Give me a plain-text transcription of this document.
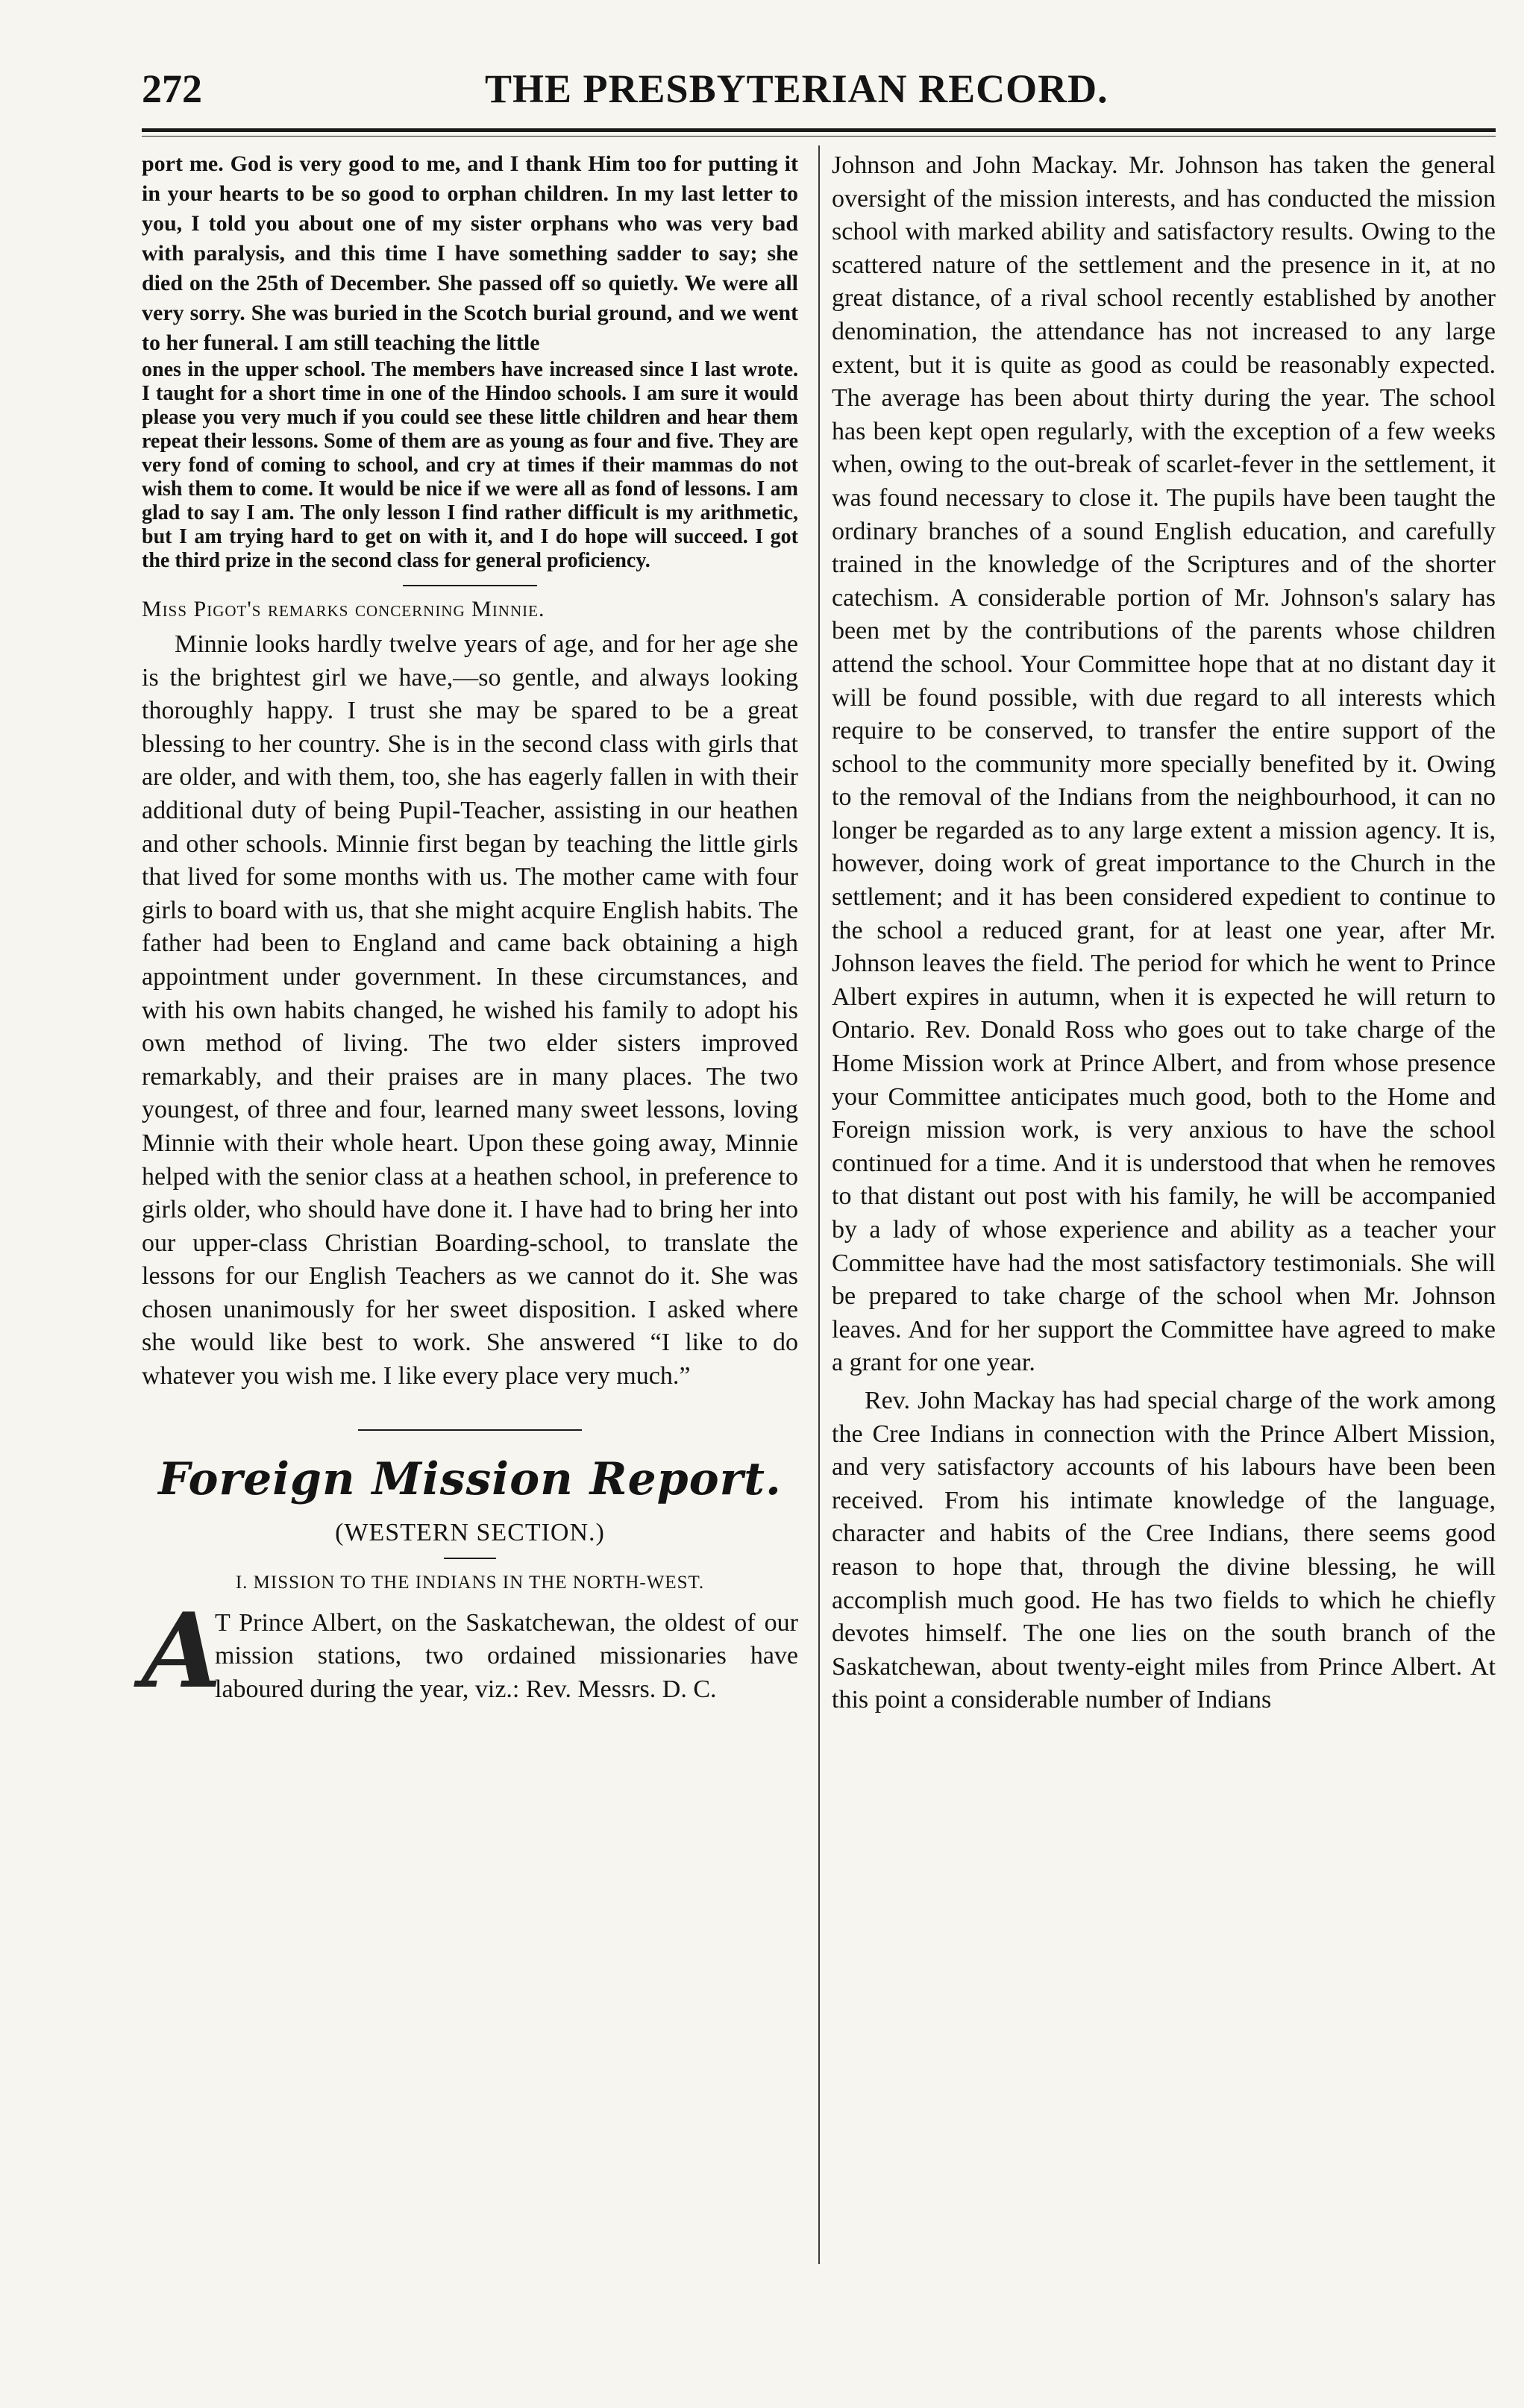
272	THE PRESBYTERIAN RECORD.

port me. God is very good to me, and I thank Him too for putting it in your hearts to be so good to orphan children. In my last letter to you, I told you about one of my sister orphans who was very bad with paralysis, and this time I have something sadder to say; she died on the 25th of December. She passed off so quietly. We were all very sorry. She was buried in the Scotch burial ground, and we went to her funeral. I am still teaching the little

ones in the upper school. The members have increased since I last wrote. I taught for a short time in one of the Hindoo schools. I am sure it would please you very much if you could see these little children and hear them repeat their lessons. Some of them are as young as four and five. They are very fond of coming to school, and cry at times if their mammas do not wish them to come. It would be nice if we were all as fond of lessons. I am glad to say I am. The only lesson I find rather difficult is my arithmetic, but I am trying hard to get on with it, and I do hope will succeed. I got the third prize in the second class for general proficiency.

Miss Pigot's remarks concerning Minnie.

Minnie looks hardly twelve years of age, and for her age she is the brightest girl we have,—so gentle, and always looking thoroughly happy. I trust she may be spared to be a great blessing to her country. She is in the second class with girls that are older, and with them, too, she has eagerly fallen in with their additional duty of being Pupil-Teacher, assisting in our heathen and other schools. Minnie first began by teaching the little girls that lived for some months with us. The mother came with four girls to board with us, that she might acquire English habits. The father had been to England and came back obtaining a high appointment under government. In these circumstances, and with his own habits changed, he wished his family to adopt his own method of living. The two elder sisters improved remarkably, and their praises are in many places. The two youngest, of three and four, learned many sweet lessons, loving Minnie with their whole heart. Upon these going away, Minnie helped with the senior class at a heathen school, in preference to girls older, who should have done it. I have had to bring her into our upper-class Christian Boarding-school, to translate the lessons for our English Teachers as we cannot do it. She was chosen unanimously for her sweet disposition. I asked where she would like best to work. She answered “I like to do whatever you wish me. I like every place very much.”

Foreign Mission Report.

(WESTERN SECTION.)

I. MISSION TO THE INDIANS IN THE NORTH-WEST.

A

T Prince Albert, on the Saskatchewan, the oldest of our mission stations, two ordained missionaries have laboured during the year, viz.: Rev. Messrs. D. C.

Johnson and John Mackay. Mr. Johnson has taken the general oversight of the mission interests, and has conducted the mission school with marked ability and satisfactory results. Owing to the scattered nature of the settlement and the presence in it, at no great distance, of a rival school recently established by another denomination, the attendance has not increased to any large extent, but it is quite as good as could be reasonably expected. The average has been about thirty during the year. The school has been kept open regularly, with the exception of a few weeks when, owing to the out-break of scarlet-fever in the settlement, it was found necessary to close it. The pupils have been taught the ordinary branches of a sound English education, and carefully trained in the knowledge of the Scriptures and of the shorter catechism. A considerable portion of Mr. Johnson's salary has been met by the contributions of the parents whose children attend the school. Your Committee hope that at no distant day it will be found possible, with due regard to all interests which require to be conserved, to transfer the entire support of the school to the community more specially benefited by it. Owing to the removal of the Indians from the neighbourhood, it can no longer be regarded as to any large extent a mission agency. It is, however, doing work of great importance to the Church in the settlement; and it has been considered expedient to continue to the school a reduced grant, for at least one year, after Mr. Johnson leaves the field. The period for which he went to Prince Albert expires in autumn, when it is expected he will return to Ontario. Rev. Donald Ross who goes out to take charge of the Home Mission work at Prince Albert, and from whose presence your Committee anticipates much good, both to the Home and Foreign mission work, is very anxious to have the school continued for a time. And it is understood that when he removes to that distant out post with his family, he will be accompanied by a lady of whose experience and ability as a teacher your Committee have had the most satisfactory testimonials. She will be prepared to take charge of the school when Mr. Johnson leaves. And for her support the Committee have agreed to make a grant for one year.

Rev. John Mackay has had special charge of the work among the Cree Indians in connection with the Prince Albert Mission, and very satisfactory accounts of his labours have been been received. From his intimate knowledge of the language, character and habits of the Cree Indians, there seems good reason to hope that, through the divine blessing, he will accomplish much good. He has two fields to which he chiefly devotes himself. The one lies on the south branch of the Saskatchewan, about twenty-eight miles from Prince Albert. At this point a considerable number of Indians
